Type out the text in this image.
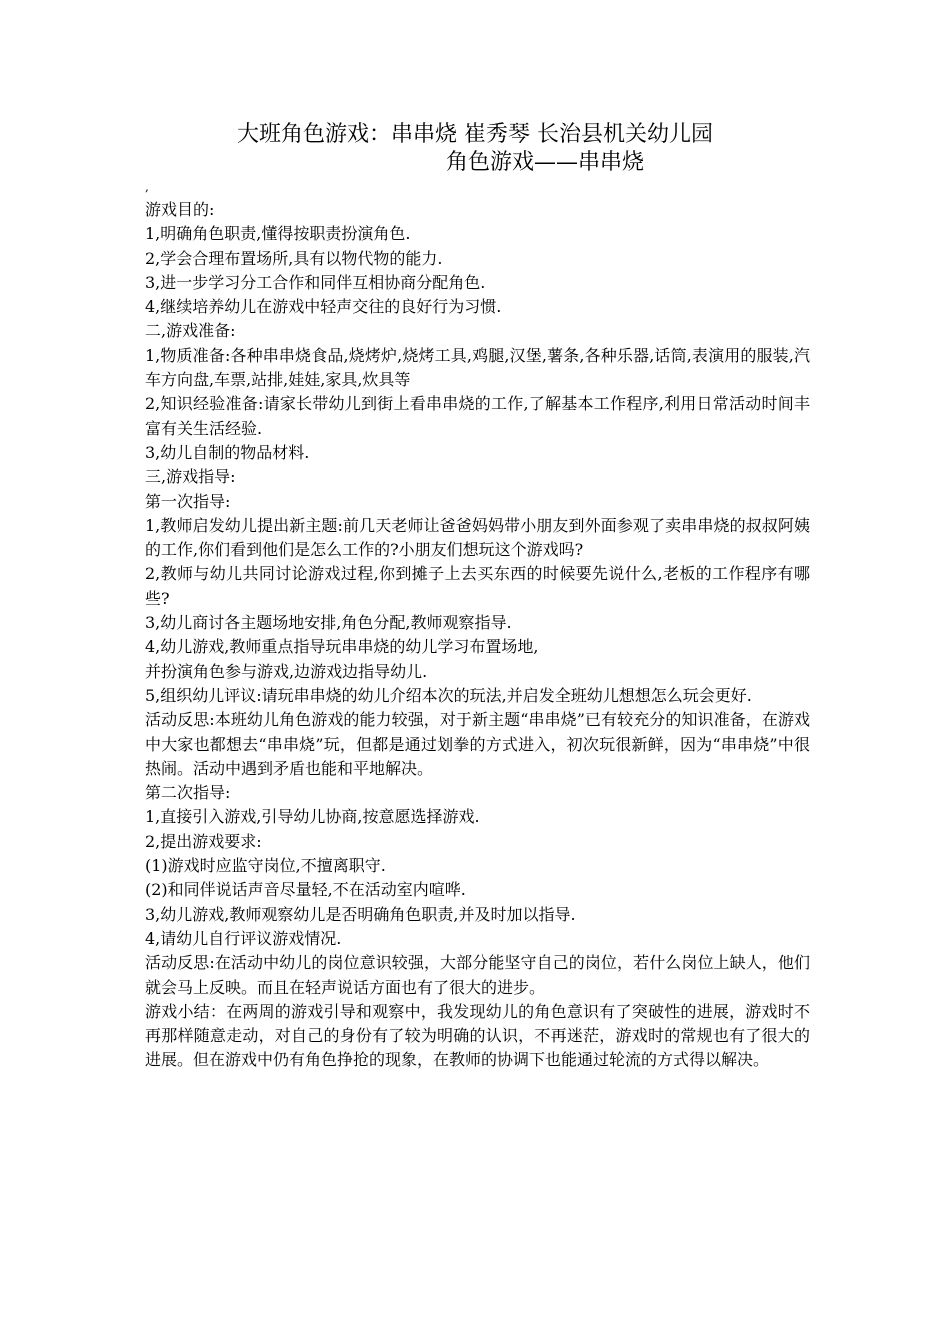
大班角色游戏：串串烧 崔秀琴 长治县机关幼儿园
角色游戏——串串烧
,

游戏目的:

1,明确角色职责,懂得按职责扮演角色.

2,学会合理布置场所,具有以物代物的能力.

3,进一步学习分工合作和同伴互相协商分配角色.

4,继续培养幼儿在游戏中轻声交往的良好行为习惯.

二,游戏准备:

1,物质准备:各种串串烧食品,烧烤炉,烧烤工具,鸡腿,汉堡,薯条,各种乐器,话筒,表演用的服装,汽车方向盘,车票,站排,娃娃,家具,炊具等

2,知识经验准备:请家长带幼儿到街上看串串烧的工作,了解基本工作程序,利用日常活动时间丰富有关生活经验.

3,幼儿自制的物品材料.

三,游戏指导:

第一次指导:

1,教师启发幼儿提出新主题:前几天老师让爸爸妈妈带小朋友到外面参观了卖串串烧的叔叔阿姨的工作,你们看到他们是怎么工作的?小朋友们想玩这个游戏吗?

2,教师与幼儿共同讨论游戏过程,你到摊子上去买东西的时候要先说什么,老板的工作程序有哪些?

3,幼儿商讨各主题场地安排,角色分配,教师观察指导.

4,幼儿游戏,教师重点指导玩串串烧的幼儿学习布置场地,

并扮演角色参与游戏,边游戏边指导幼儿.

5,组织幼儿评议:请玩串串烧的幼儿介绍本次的玩法,并启发全班幼儿想想怎么玩会更好.

活动反思:本班幼儿角色游戏的能力较强，对于新主题“串串烧”已有较充分的知识准备，在游戏中大家也都想去“串串烧”玩，但都是通过划拳的方式进入，初次玩很新鲜，因为“串串烧”中很热闹。活动中遇到矛盾也能和平地解决。

第二次指导:

1,直接引入游戏,引导幼儿协商,按意愿选择游戏.

2,提出游戏要求:

(1)游戏时应监守岗位,不擅离职守.

(2)和同伴说话声音尽量轻,不在活动室内喧哗.

3,幼儿游戏,教师观察幼儿是否明确角色职责,并及时加以指导.

4,请幼儿自行评议游戏情况.

活动反思:在活动中幼儿的岗位意识较强，大部分能坚守自己的岗位，若什么岗位上缺人，他们就会马上反映。而且在轻声说话方面也有了很大的进步。

游戏小结：在两周的游戏引导和观察中，我发现幼儿的角色意识有了突破性的进展，游戏时不再那样随意走动，对自己的身份有了较为明确的认识，不再迷茫，游戏时的常规也有了很大的进展。但在游戏中仍有角色挣抢的现象，在教师的协调下也能通过轮流的方式得以解决。
